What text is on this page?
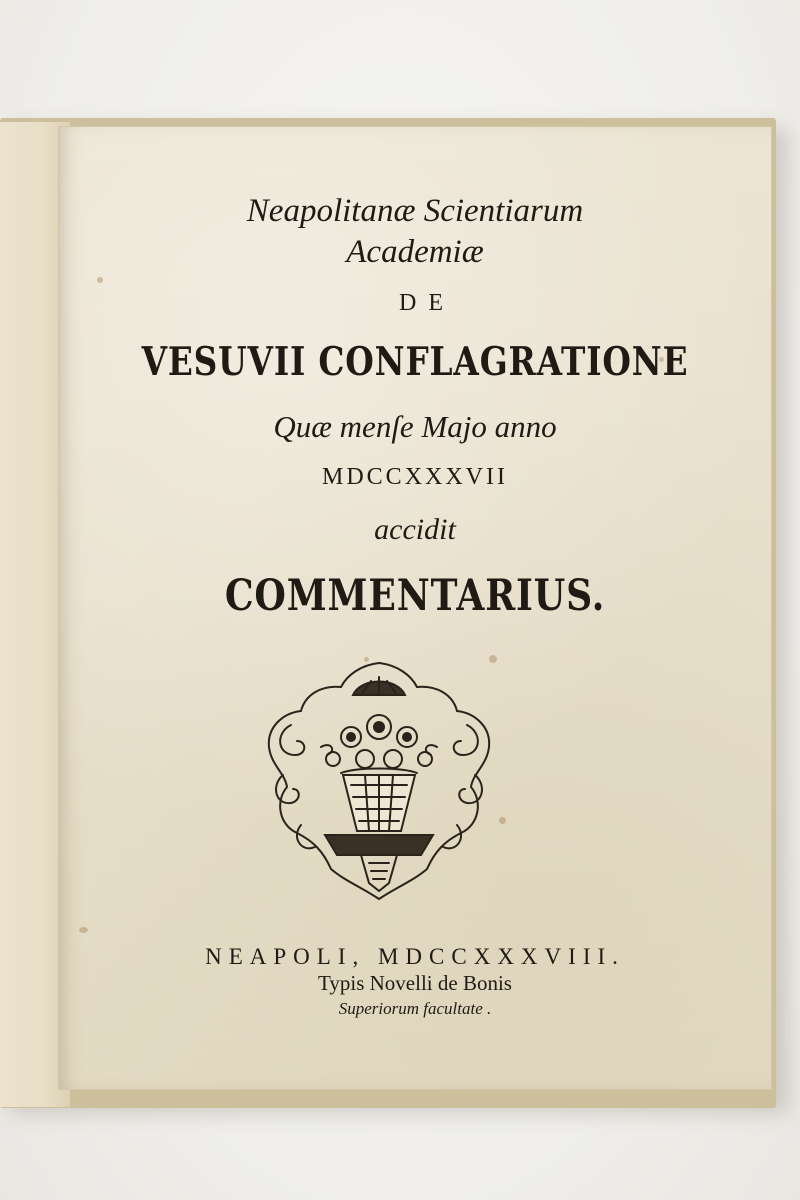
Neapolitanæ Scientiarum
Academiæ
DE
VESUVII CONFLAGRATIONE
Quæ menſe Majo anno
MDCCXXXVII
accidit
COMMENTARIUS.
NEAPOLI, MDCCXXXVIII.
Typis Novelli de Bonis
Superiorum facultate .
